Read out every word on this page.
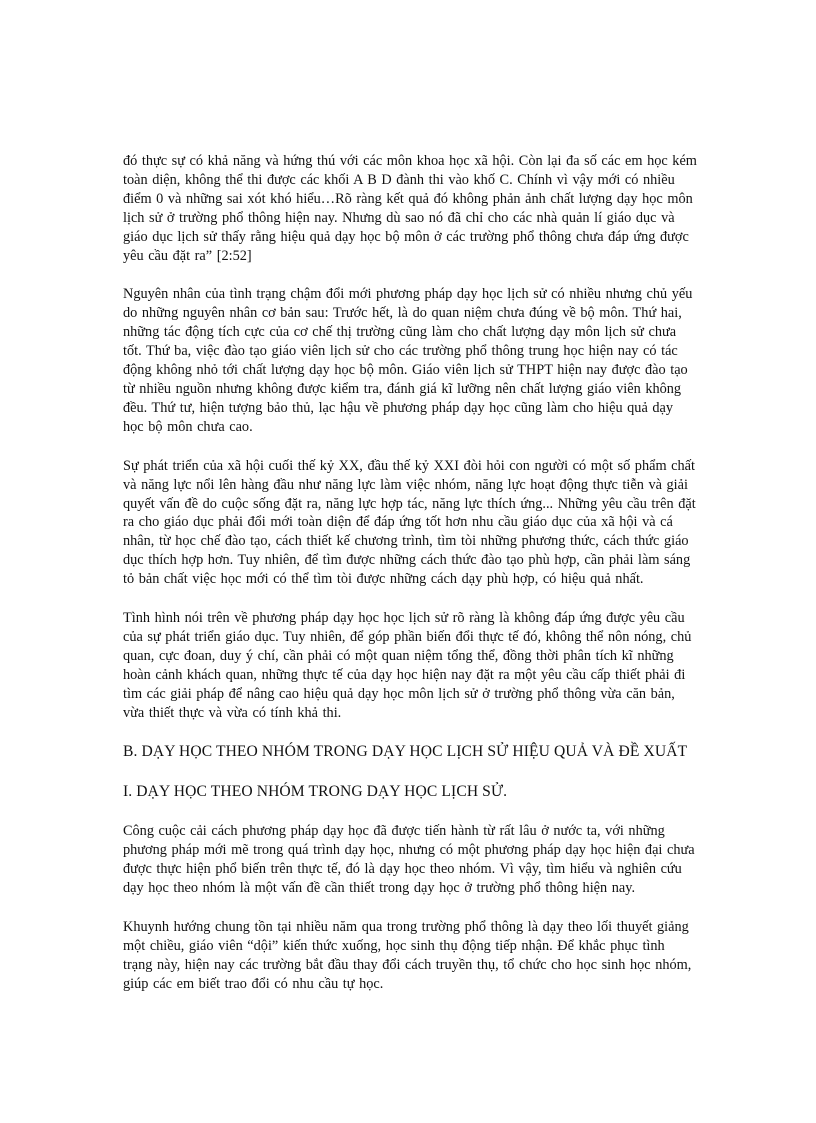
đó thực sự có khả năng và hứng thú với các môn khoa học xã hội. Còn lại đa số các em học kém toàn diện, không thể thi được các khối A B D đành thi vào khố C. Chính vì vậy mới có nhiều điểm 0 và những sai xót khó hiểu…Rõ ràng kết quả đó không phản ảnh chất lượng dạy học môn lịch sử ở trường phổ thông hiện nay. Nhưng dù sao nó đã chỉ cho các nhà quản lí giáo dục và giáo dục lịch sử thấy rằng hiệu quả dạy học bộ môn ở các trường phổ thông chưa đáp ứng được yêu cầu đặt ra” [2:52]

Nguyên nhân của tình trạng chậm đổi mới phương pháp dạy học lịch sử có nhiều nhưng chủ yếu do những nguyên nhân cơ bản sau: Trước hết, là do quan niệm chưa đúng về bộ môn. Thứ hai, những tác động tích cực của cơ chế thị trường cũng làm cho chất lượng dạy môn lịch sử chưa tốt. Thứ ba, việc đào tạo giáo viên lịch sử cho các trường phổ thông trung học hiện nay có tác động không nhỏ tới chất lượng dạy học bộ môn. Giáo viên lịch sử THPT hiện nay được đào tạo từ nhiều nguồn nhưng không được kiểm tra, đánh giá kĩ lưỡng nên chất lượng giáo viên không đều. Thứ tư, hiện tượng bảo thủ, lạc hậu về phương pháp dạy học cũng làm cho hiệu quả dạy học bộ môn chưa cao.

Sự phát triển của xã hội cuối thế kỷ XX, đầu thế kỷ XXI đòi hỏi con người có một số phẩm chất và năng lực nổi lên hàng đầu như năng lực làm việc nhóm, năng lực hoạt động thực tiễn và giải quyết vấn đề do cuộc sống đặt ra, năng lực hợp tác, năng lực thích ứng... Những yêu cầu trên đặt ra cho giáo dục phải đổi mới toàn diện để đáp ứng tốt hơn nhu cầu giáo dục của xã hội và cá nhân, từ học chế đào tạo, cách thiết kế chương trình, tìm tòi những phương thức, cách thức giáo dục thích hợp hơn. Tuy nhiên, để tìm được những cách thức đào tạo phù hợp, cần phải làm sáng tỏ bản chất việc học mới có thể tìm tòi được những cách dạy phù hợp, có hiệu quả nhất.

Tình hình nói trên về phương pháp dạy học học lịch sử rõ ràng là không đáp ứng được yêu cầu của sự phát triển giáo dục. Tuy nhiên, để góp phần biến đổi thực tế đó, không thể nôn nóng, chủ quan, cực đoan, duy ý chí, cần phải có một quan niệm tổng thể, đồng thời phân tích kĩ những hoàn cảnh khách quan, những thực tế của dạy học hiện nay đặt ra một yêu cầu cấp thiết phải đi tìm các giải pháp để nâng cao hiệu quả dạy học môn lịch sử ở trường phổ thông vừa căn bản, vừa thiết thực và vừa có tính khả thi.

B. DẠY HỌC THEO NHÓM TRONG DẠY HỌC LỊCH SỬ HIỆU QUẢ VÀ ĐỀ XUẤT

I. DẠY HỌC THEO NHÓM TRONG DẠY HỌC LỊCH SỬ.

Công cuộc cải cách phương pháp dạy học đã được tiến hành từ rất lâu ở nước ta, với những phương pháp mới mẽ trong quá trình dạy học, nhưng có một phương pháp dạy học hiện đại chưa được thực hiện phổ biến trên thực tế, đó là dạy học theo nhóm. Vì vậy, tìm hiểu và nghiên cứu dạy học theo nhóm là một vấn đề cần thiết trong dạy học ở trường phổ thông hiện nay.

Khuynh hướng chung tồn tại nhiều năm qua trong trường phổ thông là dạy theo lối thuyết giảng một chiều, giáo viên “dội” kiến thức xuống, học sinh thụ động tiếp nhận. Để khắc phục tình trạng này, hiện nay các trường bắt đầu thay đổi cách truyền thụ, tổ chức cho học sinh học nhóm, giúp các em biết trao đổi có nhu cầu tự học.
